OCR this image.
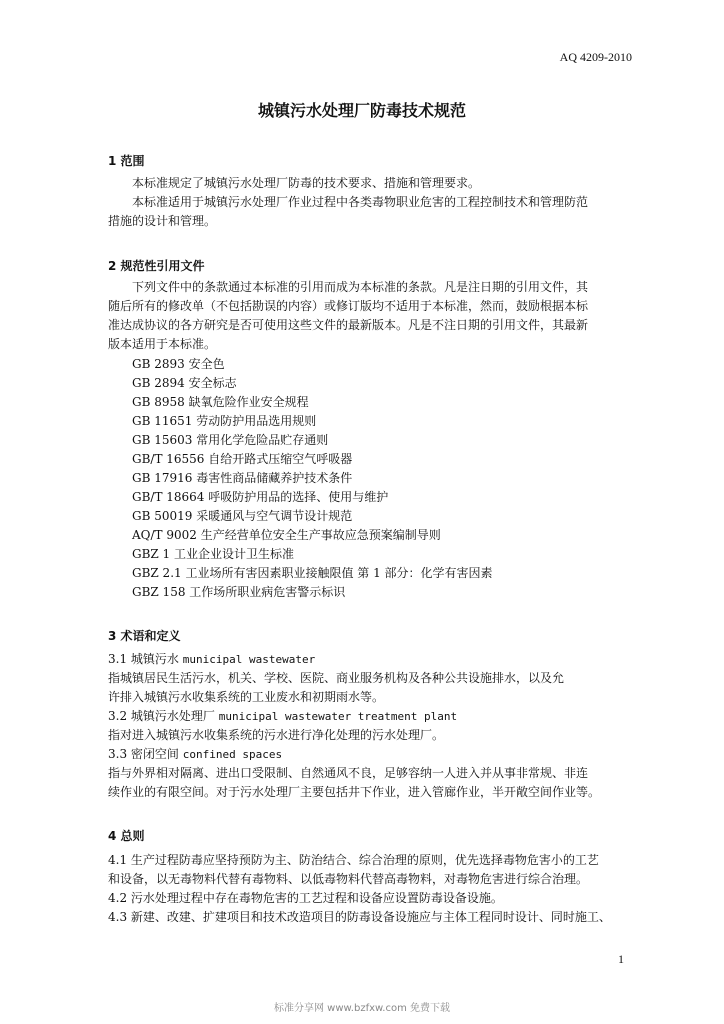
AQ 4209-2010
城镇污水处理厂防毒技术规范
1 范围
本标准规定了城镇污水处理厂防毒的技术要求、措施和管理要求。
本标准适用于城镇污水处理厂作业过程中各类毒物职业危害的工程控制技术和管理防范
措施的设计和管理。
2 规范性引用文件
下列文件中的条款通过本标准的引用而成为本标准的条款。凡是注日期的引用文件，其
随后所有的修改单（不包括勘误的内容）或修订版均不适用于本标准，然而，鼓励根据本标
准达成协议的各方研究是否可使用这些文件的最新版本。凡是不注日期的引用文件，其最新
版本适用于本标准。
GB 2893 安全色
GB 2894 安全标志
GB 8958 缺氧危险作业安全规程
GB 11651 劳动防护用品选用规则
GB 15603 常用化学危险品贮存通则
GB/T 16556 自给开路式压缩空气呼吸器
GB 17916 毒害性商品储藏养护技术条件
GB/T 18664 呼吸防护用品的选择、使用与维护
GB 50019 采暖通风与空气调节设计规范
AQ/T 9002 生产经营单位安全生产事故应急预案编制导则
GBZ 1 工业企业设计卫生标准
GBZ 2.1 工业场所有害因素职业接触限值 第 1 部分：化学有害因素
GBZ 158 工作场所职业病危害警示标识
3 术语和定义
3.1 城镇污水 municipal wastewater
指城镇居民生活污水，机关、学校、医院、商业服务机构及各种公共设施排水，以及允
许排入城镇污水收集系统的工业废水和初期雨水等。
3.2 城镇污水处理厂 municipal wastewater treatment plant
指对进入城镇污水收集系统的污水进行净化处理的污水处理厂。
3.3 密闭空间 confined spaces
指与外界相对隔离、进出口受限制、自然通风不良，足够容纳一人进入并从事非常规、非连
续作业的有限空间。对于污水处理厂主要包括井下作业，进入管廊作业，半开敞空间作业等。
4 总则
4.1 生产过程防毒应坚持预防为主、防治结合、综合治理的原则，优先选择毒物危害小的工艺
和设备，以无毒物料代替有毒物料、以低毒物料代替高毒物料，对毒物危害进行综合治理。
4.2 污水处理过程中存在毒物危害的工艺过程和设备应设置防毒设备设施。
4.3 新建、改建、扩建项目和技术改造项目的防毒设备设施应与主体工程同时设计、同时施工、
1
标准分享网 www.bzfxw.com 免费下载
